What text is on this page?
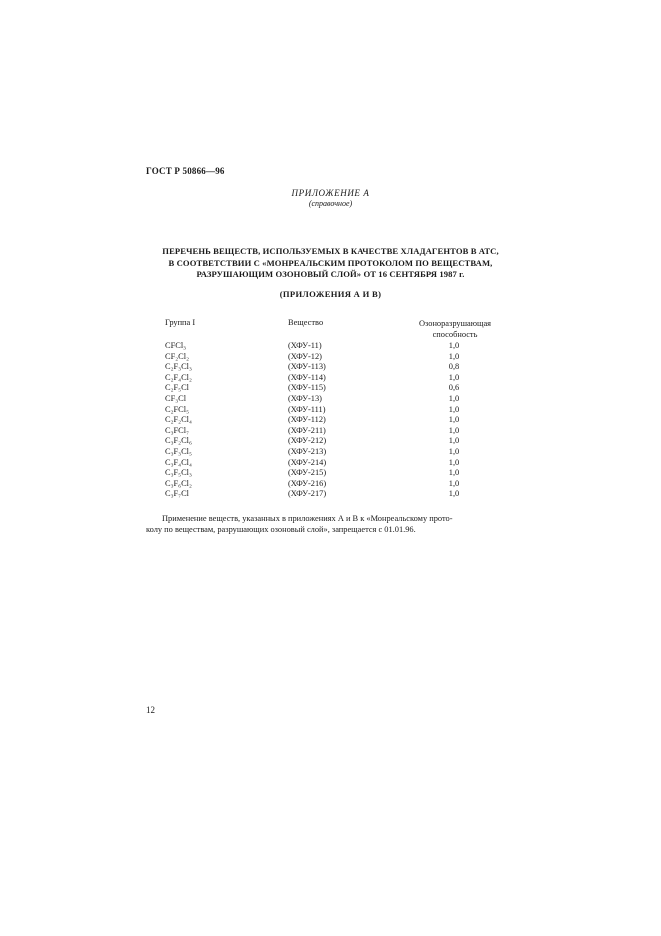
ГОСТ Р 50866—96
ПРИЛОЖЕНИЕ А
(справочное)
ПЕРЕЧЕНЬ ВЕЩЕСТВ, ИСПОЛЬЗУЕМЫХ В КАЧЕСТВЕ ХЛАДАГЕНТОВ В АТС,
В СООТВЕТСТВИИ С «МОНРЕАЛЬСКИМ ПРОТОКОЛОМ ПО ВЕЩЕСТВАМ,
РАЗРУШАЮЩИМ ОЗОНОВЫЙ СЛОЙ» ОТ 16 СЕНТЯБРЯ 1987 г.
(ПРИЛОЖЕНИЯ А И В)
Группа I	Вещество	Озоноразрушающая
способность
CFCl₃	(ХФУ-11)	1,0
CF₂Cl₂	(ХФУ-12)	1,0
C₂F₃Cl₃	(ХФУ-113)	0,8
C₂F₄Cl₂	(ХФУ-114)	1,0
C₂F₅Cl	(ХФУ-115)	0,6
CF₃Cl	(ХФУ-13)	1,0
C₂FCl₅	(ХФУ-111)	1,0
C₂F₂Cl₄	(ХФУ-112)	1,0
C₃FCl₇	(ХФУ-211)	1,0
C₃F₂Cl₆	(ХФУ-212)	1,0
C₃F₃Cl₅	(ХФУ-213)	1,0
C₃F₄Cl₄	(ХФУ-214)	1,0
C₃F₅Cl₃	(ХФУ-215)	1,0
C₃F₆Cl₂	(ХФУ-216)	1,0
C₃F₇Cl	(ХФУ-217)	1,0
Применение веществ, указанных в приложениях А и В к «Монреальскому прото-
колу по веществам, разрушающих озоновый слой», запрещается с 01.01.96.
12
